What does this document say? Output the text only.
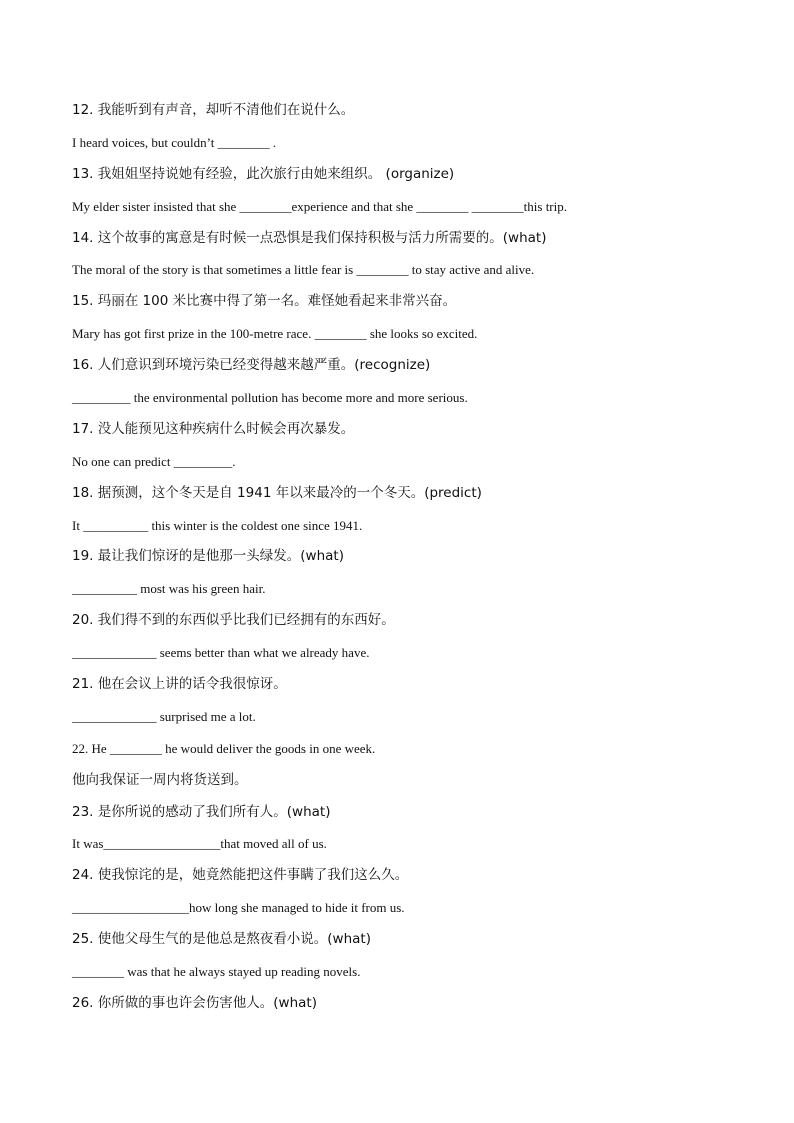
12. 我能听到有声音，却听不清他们在说什么。
I heard voices, but couldn’t ________ .
13. 我姐姐坚持说她有经验，此次旅行由她来组织。 (organize)
My elder sister insisted that she ________experience and that she ________ ________this trip.
14. 这个故事的寓意是有时候一点恐惧是我们保持积极与活力所需要的。(what)
The moral of the story is that sometimes a little fear is ________ to stay active and alive.
15. 玛丽在 100 米比赛中得了第一名。难怪她看起来非常兴奋。
Mary has got first prize in the 100-metre race. ________ she looks so excited.
16. 人们意识到环境污染已经变得越来越严重。(recognize)
_________ the environmental pollution has become more and more serious.
17. 没人能预见这种疾病什么时候会再次暴发。
No one can predict _________.
18. 据预测，这个冬天是自 1941 年以来最冷的一个冬天。(predict)
It __________ this winter is the coldest one since 1941.
19. 最让我们惊讶的是他那一头绿发。(what)
__________ most was his green hair.
20. 我们得不到的东西似乎比我们已经拥有的东西好。
_____________ seems better than what we already have.
21. 他在会议上讲的话令我很惊讶。
_____________ surprised me a lot.
22. He ________ he would deliver the goods in one week.
他向我保证一周内将货送到。
23. 是你所说的感动了我们所有人。(what)
It was__________________that moved all of us.
24. 使我惊诧的是，她竟然能把这件事瞒了我们这么久。
__________________how long she managed to hide it from us.
25. 使他父母生气的是他总是熬夜看小说。(what)
________ was that he always stayed up reading novels.
26. 你所做的事也许会伤害他人。(what)
